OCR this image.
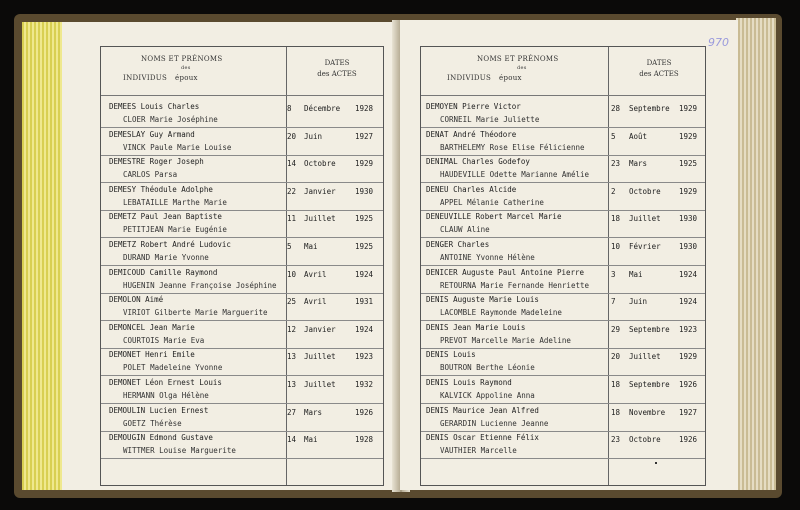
NOMS ET PRÉNOMS
des
INDIVIDUS époux
DATES
des ACTES
DEMEES Louis Charles
CLOER Marie Joséphine
8 Décembre 1928
DEMESLAY Guy Armand
VINCK Paule Marie Louise
20 Juin	1927
DEMESTRE Roger Joseph
CARLOS Parsa
14 Octobre	1929
DEMESY Théodule Adolphe
LEBATAILLE Marthe Marie
22 Janvier	1930
DEMETZ Paul Jean Baptiste
PETITJEAN Marie Eugénie
11 Juillet	1925
DEMETZ Robert André Ludovic
DURAND Marie Yvonne
5 Mai	1925
DEMICOUD Camille Raymond
HUGENIN Jeanne Françoise Joséphine
10 Avril	1924
DEMOLON Aimé
VIRIOT Gilberte Marie Marguerite
25 Avril	1931
DEMONCEL Jean Marie
COURTOIS Marie Eva
12 Janvier	1924
DEMONET Henri Emile
POLET Madeleine Yvonne
13 Juillet	1923
DEMONET Léon Ernest Louis
HERMANN Olga Hélène
13 Juillet	1932
DEMOULIN Lucien Ernest
GOETZ Thérèse
27 Mars	1926
DEMOUGIN Edmond Gustave
WITTMER Louise Marguerite
14 Mai	1928
NOMS ET PRÉNOMS
des
INDIVIDUS époux
DATES
des ACTES
DEMOYEN Pierre Victor
CORNEIL Marie Juliette
28 Septembre 1929
DENAT André Théodore
BARTHELEMY Rose Elise Félicienne
5 Août	1929
DENIMAL Charles Godefoy
HAUDEVILLE Odette Marianne Amélie
23 Mars	1925
DENEU Charles Alcide
APPEL Mélanie Catherine
2 Octobre 1929
DENEUVILLE Robert Marcel Marie
CLAUW Aline
18 Juillet 1930
DENGER Charles
ANTOINE Yvonne Hélène
10 Février 1930
DENICER Auguste Paul Antoine Pierre
RETOURNA Marie Fernande Henriette
3 Mai	1924
DENIS Auguste Marie Louis
LACOMBLE Raymonde Madeleine
7 Juin	1924
DENIS Jean Marie Louis
PREVOT Marcelle Marie Adeline
29 Septembre 1923
DENIS Louis
BOUTRON Berthe Léonie
20 Juillet 1929
DENIS Louis Raymond
KALVICK Appoline Anna
18 Septembre 1926
DENIS Maurice Jean Alfred
GERARDIN Lucienne Jeanne
18 Novembre 1927
DENIS Oscar Etienne Félix
VAUTHIER Marcelle
23 Octobre 1926
970
